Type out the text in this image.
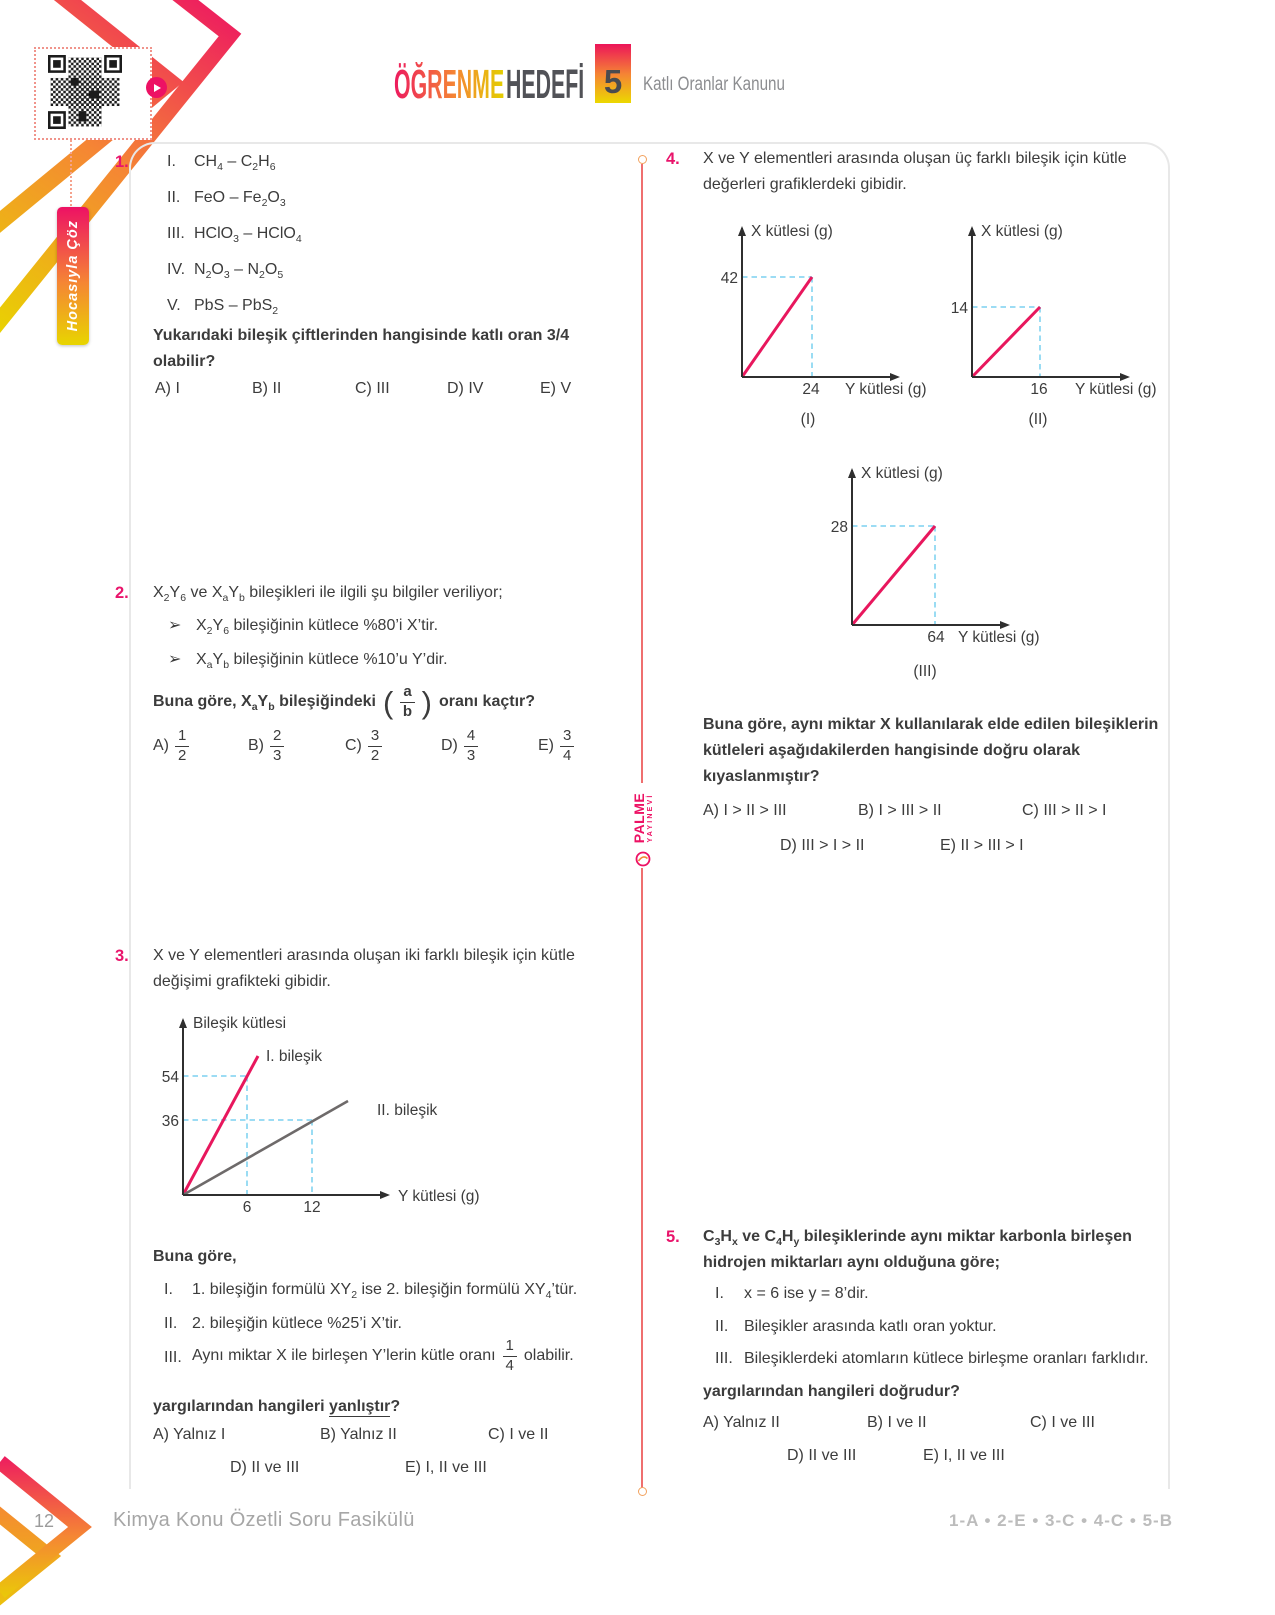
Hocasıyla Çöz
ÖĞRENME HEDEFİ 5 Katlı Oranlar Kanunu
PALME YAYINEVİ
1. I. $CH_4 - C_2H_6$
II. FeO – $Fe_2O_3$
III. HClO$_3$ – HClO$_4$
IV. $N_2O_3 - N_2O_5$
V. PbS – PbS$_2$
Yukarıdaki bileşik çiftlerinden hangisinde katlı oran 3/4 olabilir?
A) I	B) II	C) III	D) IV	E) V
2. $X_2Y_6$ ve $X_aY_b$ bileşikleri ile ilgili şu bilgiler veriliyor;
➢ $X_2Y_6$ bileşiğinin kütlece %80’i X’tir.
➢ $X_aY_b$ bileşiğinin kütlece %10’u Y’dir.
Buna göre, $X_aY_b$ bileşiğindeki ( $\frac{a}{b}$ ) oranı kaçtır?
$A) \frac{1}{2}$	$B) \frac{2}{3}$	$C) \frac{3}{2}$	$D) \frac{4}{3}$	$E) \frac{3}{4}$
3. X ve Y elementleri arasında oluşan iki farklı bileşik için kütle değişimi grafikteki gibidir.
Bileşik kütlesi
Y kütlesi (g)
54
36
6	12
I. bileşik
II. bileşik
Buna göre,
I. 1. bileşiğin formülü $XY_2$ ise 2. bileşiğin formülü $XY_4’tür$.
II. 2. bileşiğin kütlece %25’i X’tir.
III. Aynı miktar X ile birleşen Y’lerin kütle oranı $\frac{1}{4}$ olabilir.
yargılarından hangileri yanlıştır?
A) Yalnız I	B) Yalnız II	C) I ve II
D) II ve III	E) I, II ve III
4. X ve Y elementleri arasında oluşan üç farklı bileşik için kütle değerleri grafiklerdeki gibidir.
X kütlesi (g)
Y kütlesi (g)
42
24
(I)
X kütlesi (g)
Y kütlesi (g)
14
16
(II)
X kütlesi (g)
Y kütlesi (g)
28
64
(III)
Buna göre, aynı miktar X kullanılarak elde edilen bileşiklerin kütleleri aşağıdakilerden hangisinde doğru olarak kıyaslanmıştır?
A) I > II > III	B) I > III > II	C) III > II > I
D) III > I > II	E) II > III > I
5. $C_3H_x$ ve $C_4H_y$ bileşiklerinde aynı miktar karbonla birleşen hidrojen miktarları aynı olduğuna göre;
I. x = 6 ise y = 8’dir.
II. Bileşikler arasında katlı oran yoktur.
III. Bileşiklerdeki atomların kütlece birleşme oranları farklıdır.
yargılarından hangileri doğrudur?
A) Yalnız II	B) I ve II	C) I ve III
D) II ve III	E) I, II ve III
12	Kimya Konu Özetli Soru Fasikülü	1-A • 2-E • 3-C • 4-C • 5-B
